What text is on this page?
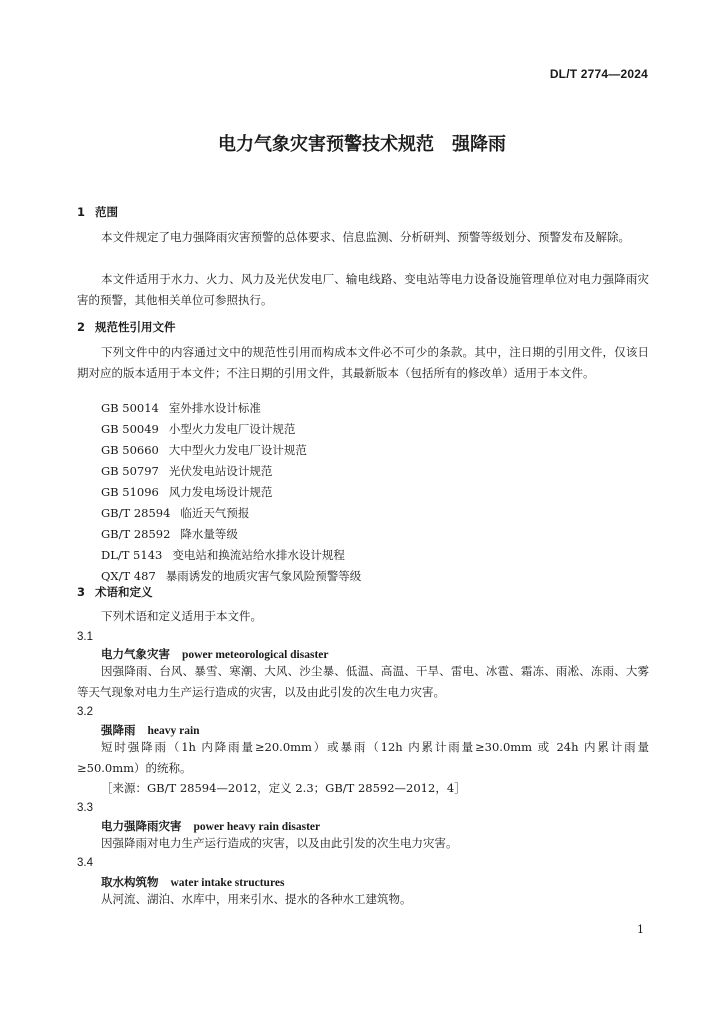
DL/T 2774—2024
电力气象灾害预警技术规范　强降雨
1 范围
本文件规定了电力强降雨灾害预警的总体要求、信息监测、分析研判、预警等级划分、预警发布及解除。
本文件适用于水力、火力、风力及光伏发电厂、输电线路、变电站等电力设备设施管理单位对电力强降雨灾害的预警，其他相关单位可参照执行。
2 规范性引用文件
下列文件中的内容通过文中的规范性引用而构成本文件必不可少的条款。其中，注日期的引用文件，仅该日期对应的版本适用于本文件；不注日期的引用文件，其最新版本（包括所有的修改单）适用于本文件。
GB 50014 室外排水设计标准
GB 50049 小型火力发电厂设计规范
GB 50660 大中型火力发电厂设计规范
GB 50797 光伏发电站设计规范
GB 51096 风力发电场设计规范
GB/T 28594 临近天气预报
GB/T 28592 降水量等级
DL/T 5143 变电站和换流站给水排水设计规程
QX/T 487 暴雨诱发的地质灾害气象风险预警等级
3 术语和定义
下列术语和定义适用于本文件。
3.1
电力气象灾害 power meteorological disaster
因强降雨、台风、暴雪、寒潮、大风、沙尘暴、低温、高温、干旱、雷电、冰雹、霜冻、雨凇、冻雨、大雾等天气现象对电力生产运行造成的灾害，以及由此引发的次生电力灾害。
3.2
强降雨 heavy rain
短时强降雨（1h 内降雨量≥20.0mm）或暴雨（12h 内累计雨量≥30.0mm 或 24h 内累计雨量≥50.0mm）的统称。
［来源：GB/T 28594—2012，定义 2.3；GB/T 28592—2012，4］
3.3
电力强降雨灾害 power heavy rain disaster
因强降雨对电力生产运行造成的灾害，以及由此引发的次生电力灾害。
3.4
取水构筑物 water intake structures
从河流、湖泊、水库中，用来引水、提水的各种水工建筑物。
1
